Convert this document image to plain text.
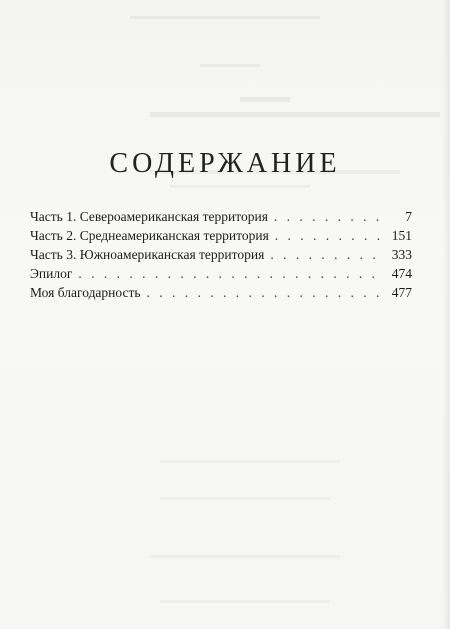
СОДЕРЖАНИЕ
Часть 1. Североамериканская территория . . .	7
Часть 2. Среднеамериканская территория . . .	151
Часть 3. Южноамериканская территория . . .	333
Эпилог . . .	474
Моя благодарность . . .	477
